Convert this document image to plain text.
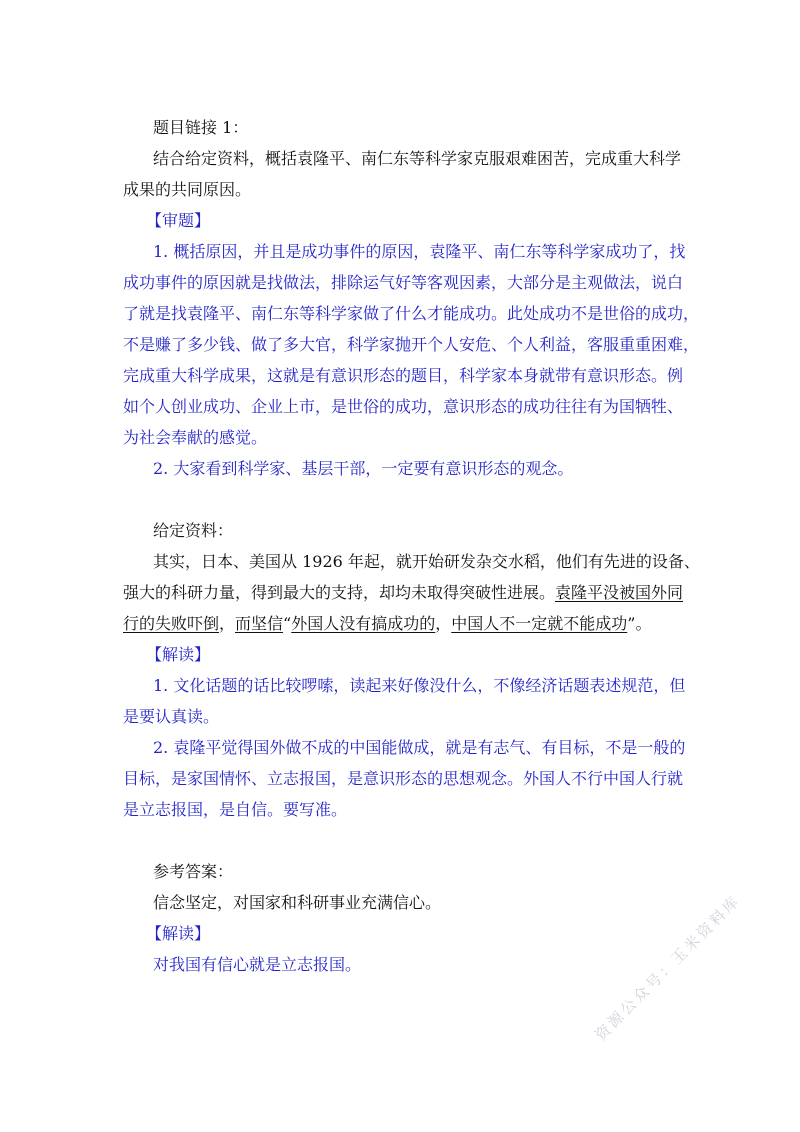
题目链接 1：
结合给定资料，概括袁隆平、南仁东等科学家克服艰难困苦，完成重大科学
成果的共同原因。
【审题】
1. 概括原因，并且是成功事件的原因，袁隆平、南仁东等科学家成功了，找
成功事件的原因就是找做法，排除运气好等客观因素，大部分是主观做法，说白
了就是找袁隆平、南仁东等科学家做了什么才能成功。此处成功不是世俗的成功，
不是赚了多少钱、做了多大官，科学家抛开个人安危、个人利益，客服重重困难，
完成重大科学成果，这就是有意识形态的题目，科学家本身就带有意识形态。例
如个人创业成功、企业上市，是世俗的成功，意识形态的成功往往有为国牺牲、
为社会奉献的感觉。
2. 大家看到科学家、基层干部，一定要有意识形态的观念。
给定资料：
其实，日本、美国从 1926 年起，就开始研发杂交水稻，他们有先进的设备、
强大的科研力量，得到最大的支持，却均未取得突破性进展。袁隆平没被国外同
行的失败吓倒，而坚信“外国人没有搞成功的，中国人不一定就不能成功”。
【解读】
1. 文化话题的话比较啰嗦，读起来好像没什么，不像经济话题表述规范，但
是要认真读。
2. 袁隆平觉得国外做不成的中国能做成，就是有志气、有目标，不是一般的
目标，是家国情怀、立志报国，是意识形态的思想观念。外国人不行中国人行就
是立志报国，是自信。要写准。
参考答案：
信念坚定，对国家和科研事业充满信心。
【解读】
对我国有信心就是立志报国。	资源公众号：玉米资料库
